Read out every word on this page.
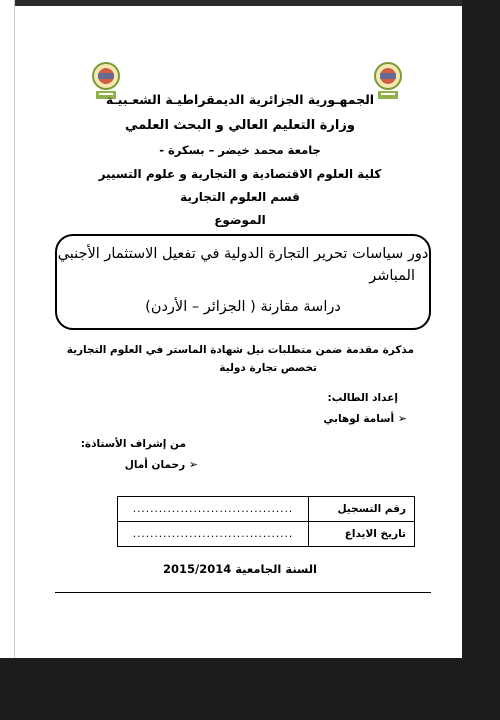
الجمهـورية الجزائرية الديمقراطيـة الشعـبيـة
وزارة التعليم العالي و البحث العلمي
جامعة محمد خيضر – بسكرة -
كلية العلوم الاقتصادية و التجارية و علوم التسيير
قسم العلوم التجارية
الموضوع
دور سياسات تحرير التجارة الدولية في تفعيل الاستثمار الأجنبي
المباشر
دراسة مقارنة ( الجزائر – الأردن)
مذكرة مقدمة ضمن متطلبات نيل شهادة الماستر في العلوم التجارية
تخصص تجارة دولية
إعداد الطالب:
➢ أسامة لوهابي
من إشراف الأستاذة:
➢ رحمان أمال
رقم التسجيل	.....................................
تاريخ الايداع	.....................................
السنة الجامعية 2015/2014
